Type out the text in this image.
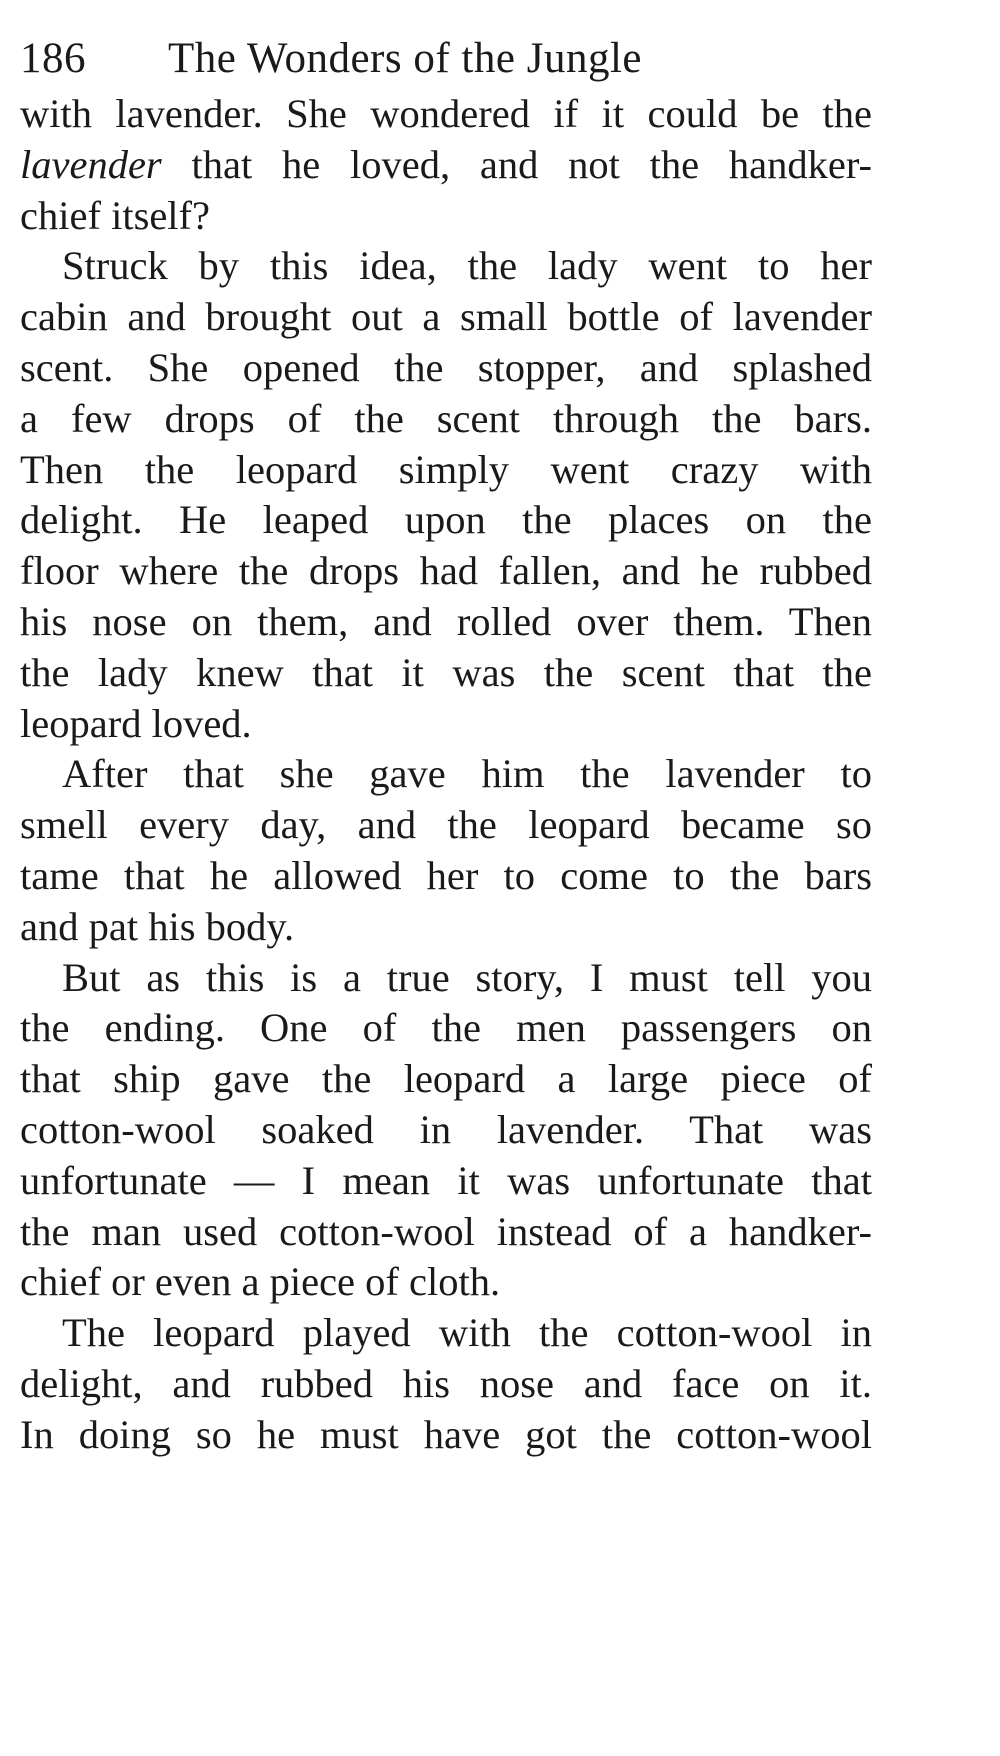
186	The Wonders of the Jungle

with lavender. She wondered if it could be the
lavender that he loved, and not the handker-
chief itself?

Struck by this idea, the lady went to her
cabin and brought out a small bottle of lavender
scent. She opened the stopper, and splashed
a few drops of the scent through the bars.
Then the leopard simply went crazy with
delight. He leaped upon the places on the
floor where the drops had fallen, and he rubbed
his nose on them, and rolled over them. Then
the lady knew that it was the scent that the
leopard loved.

After that she gave him the lavender to
smell every day, and the leopard became so
tame that he allowed her to come to the bars
and pat his body.

But as this is a true story, I must tell you
the ending. One of the men passengers on
that ship gave the leopard a large piece of
cotton-wool soaked in lavender. That was
unfortunate — I mean it was unfortunate that
the man used cotton-wool instead of a handker-
chief or even a piece of cloth.

The leopard played with the cotton-wool in
delight, and rubbed his nose and face on it.
In doing so he must have got the cotton-wool
